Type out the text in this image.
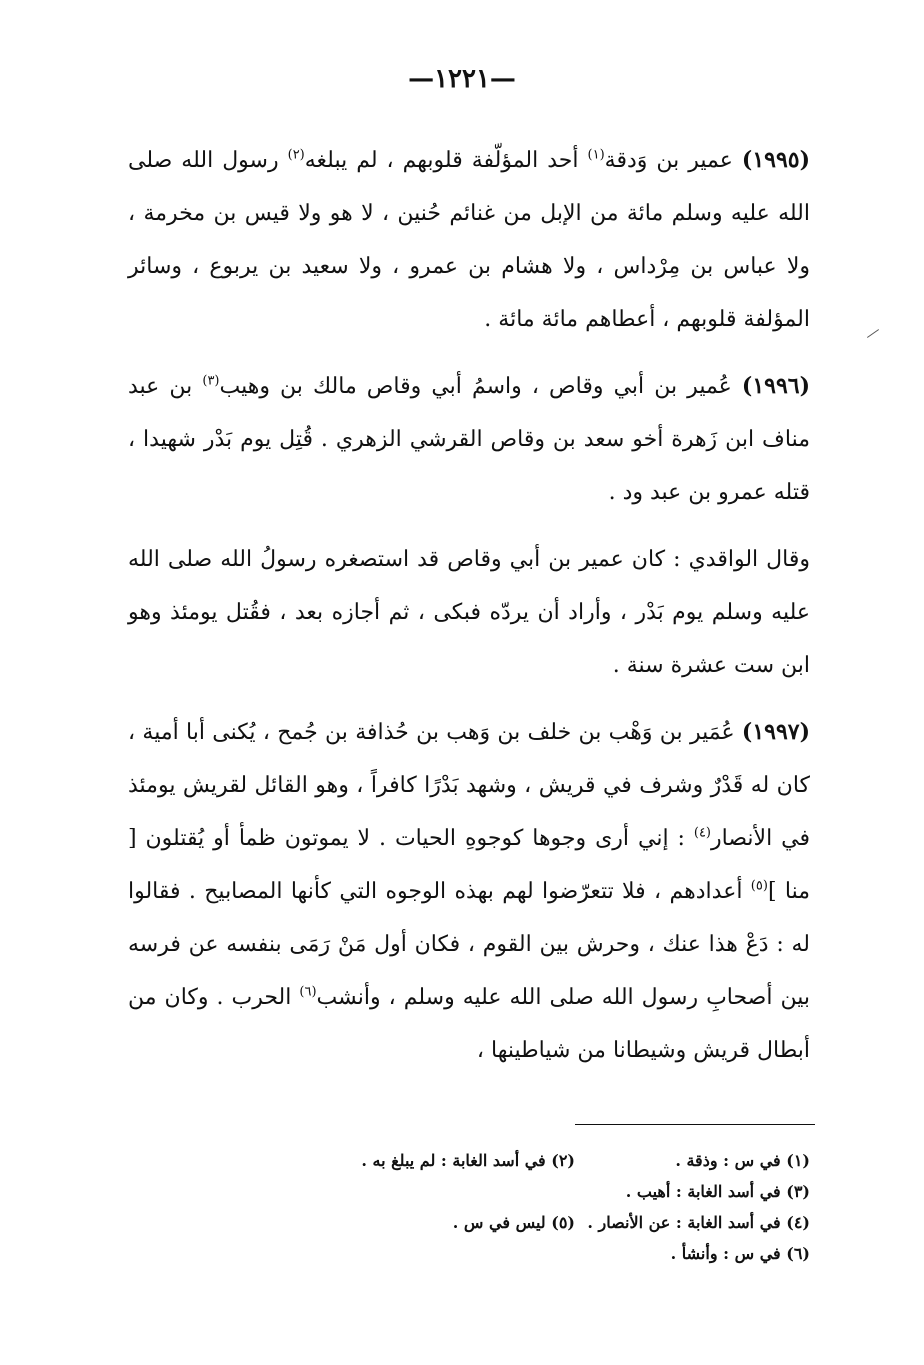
—١٢٢١—

(١٩٩٥) عمير بن وَدقة$^{(١)}$ أحد المؤلّفة قلوبهم ، لم يبلغه$^{(٢)}$ رسول الله صلى الله عليه وسلم مائة من الإبل من غنائم حُنين ، لا هو ولا قيس بن مخرمة ، ولا عباس بن مِرْداس ، ولا هشام بن عمرو ، ولا سعيد بن يربوع ، وسائر المؤلفة قلوبهم ، أعطاهم مائة مائة .

(١٩٩٦) عُمير بن أبي وقاص ، واسمُ أبي وقاص مالك بن وهيب$^{(٣)}$ بن عبد مناف ابن زَهرة أخو سعد بن وقاص القرشي الزهري . قُتِل يوم بَدْر شهيدا ، قتله عمرو بن عبد ود .

وقال الواقدي : كان عمير بن أبي وقاص قد استصغره رسولُ الله صلى الله عليه وسلم يوم بَدْر ، وأراد أن يردّه فبكى ، ثم أجازه بعد ، فقُتل يومئذ وهو ابن ست عشرة سنة .

(١٩٩٧) عُمَير بن وَهْب بن خلف بن وَهب بن حُذافة بن جُمح ، يُكنى أبا أمية ، كان له قَدْرٌ وشرف في قريش ، وشهد بَدْرًا كافراً ، وهو القائل لقريش يومئذ في الأنصار$^{(٤)}$ : إني أرى وجوها كوجوهِ الحيات . لا يموتون ظمأ أو يُقتلون [ منا ]$^{(٥)}$ أعدادهم ، فلا تتعرّضوا لهم بهذه الوجوه التي كأنها المصابيح . فقالوا له : دَعْ هذا عنك ، وحرش بين القوم ، فكان أول مَنْ رَمَى بنفسه عن فرسه بين أصحابِ رسول الله صلى الله عليه وسلم ، وأنشب$^{(٦)}$ الحرب . وكان من أبطال قريش وشيطانا من شياطينها ،

(١) في س : وذقة .
(٢) في أسد الغابة : لم يبلغ به .
(٣) في أسد الغابة : أهيب .
(٤) في أسد الغابة : عن الأنصار .
(٥) ليس في س .
(٦) في س : وأنشأ .
